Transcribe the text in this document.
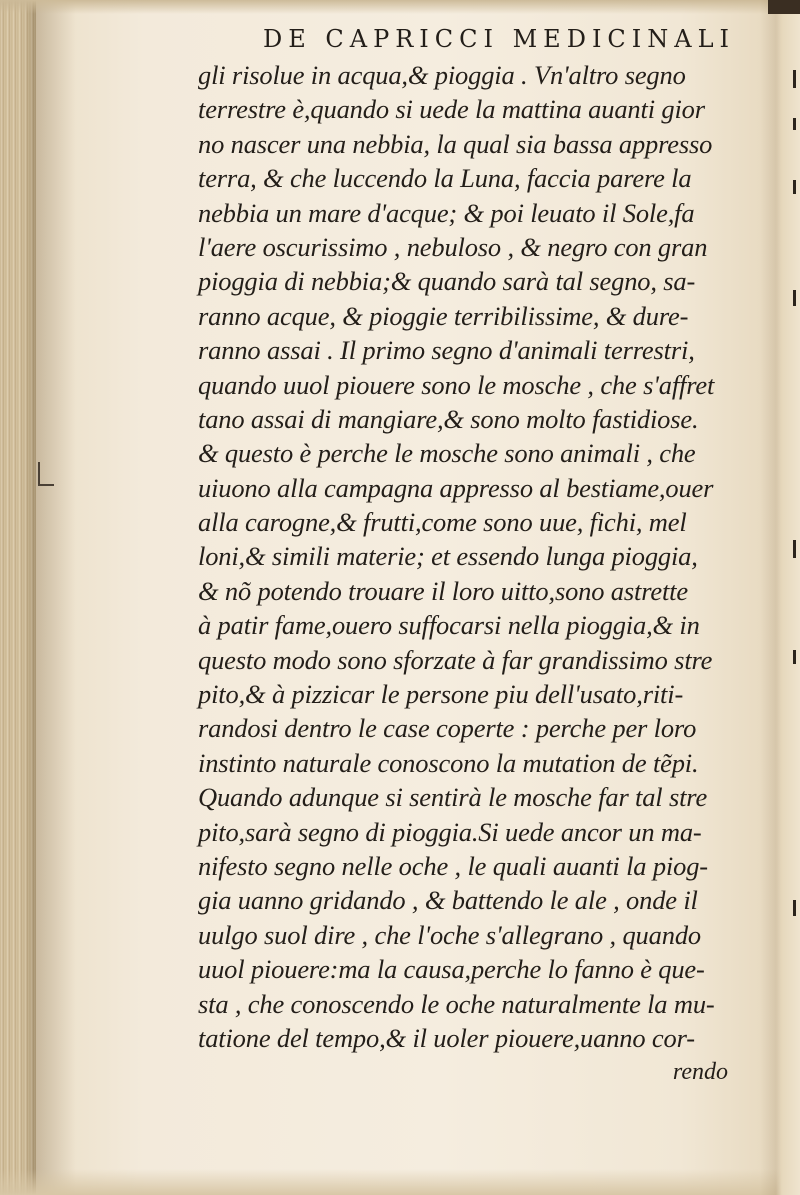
DE CAPRICCI MEDICINALI
gli risolue in acqua,& pioggia . Vn'altro segno
terrestre è,quando si uede la mattina auanti gior
no nascer una nebbia, la qual sia bassa appresso
terra, & che luccendo la Luna, faccia parere la
nebbia un mare d'acque; & poi leuato il Sole,fa
l'aere oscurissimo , nebuloso , & negro con gran
pioggia di nebbia;& quando sarà tal segno, sa-
ranno acque, & pioggie terribilissime, & dure-
ranno assai . Il primo segno d'animali terrestri,
quando uuol piouere sono le mosche , che s'affret
tano assai di mangiare,& sono molto fastidiose.
& questo è perche le mosche sono animali , che
uiuono alla campagna appresso al bestiame,ouer
alla carogne,& frutti,come sono uue, fichi, mel
loni,& simili materie; et essendo lunga pioggia,
& nõ potendo trouare il loro uitto,sono astrette
à patir fame,ouero suffocarsi nella pioggia,& in
questo modo sono sforzate à far grandissimo stre
pito,& à pizzicar le persone piu dell'usato,riti-
randosi dentro le case coperte : perche per loro
instinto naturale conoscono la mutation de tẽpi.
Quando adunque si sentirà le mosche far tal stre
pito,sarà segno di pioggia.Si uede ancor un ma-
nifesto segno nelle oche , le quali auanti la piog-
gia uanno gridando , & battendo le ale , onde il
uulgo suol dire , che l'oche s'allegrano , quando
uuol piouere:ma la causa,perche lo fanno è que-
sta , che conoscendo le oche naturalmente la mu-
tatione del tempo,& il uoler piouere,uanno cor-
rendo
